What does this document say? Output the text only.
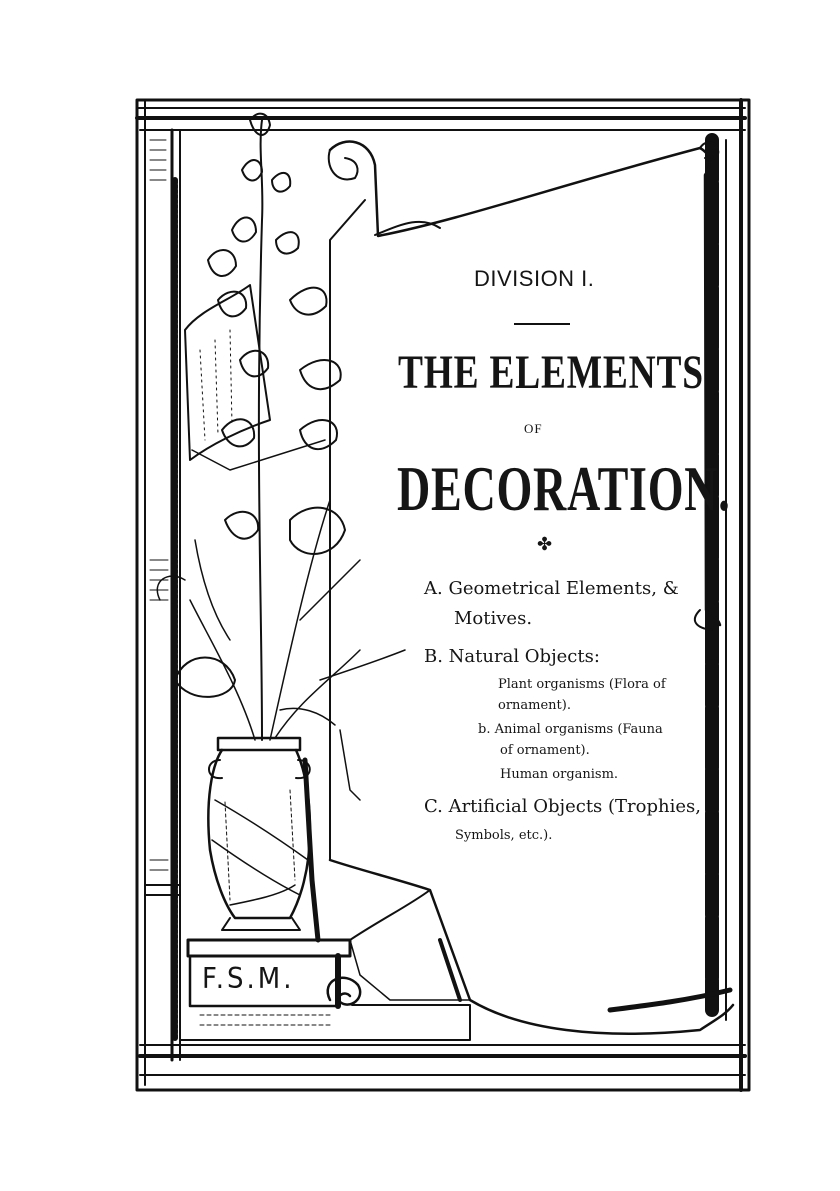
DIVISION I.
THE ELEMENTS
OF
DECORATION.
✤
A. Geometrical Elements, &
Motives.
B. Natural Objects:
Plant organisms (Flora of
ornament).
b. Animal organisms (Fauna
of ornament).
Human organism.
C. Artificial Objects (Trophies,
Symbols, etc.).
F.S.M.
